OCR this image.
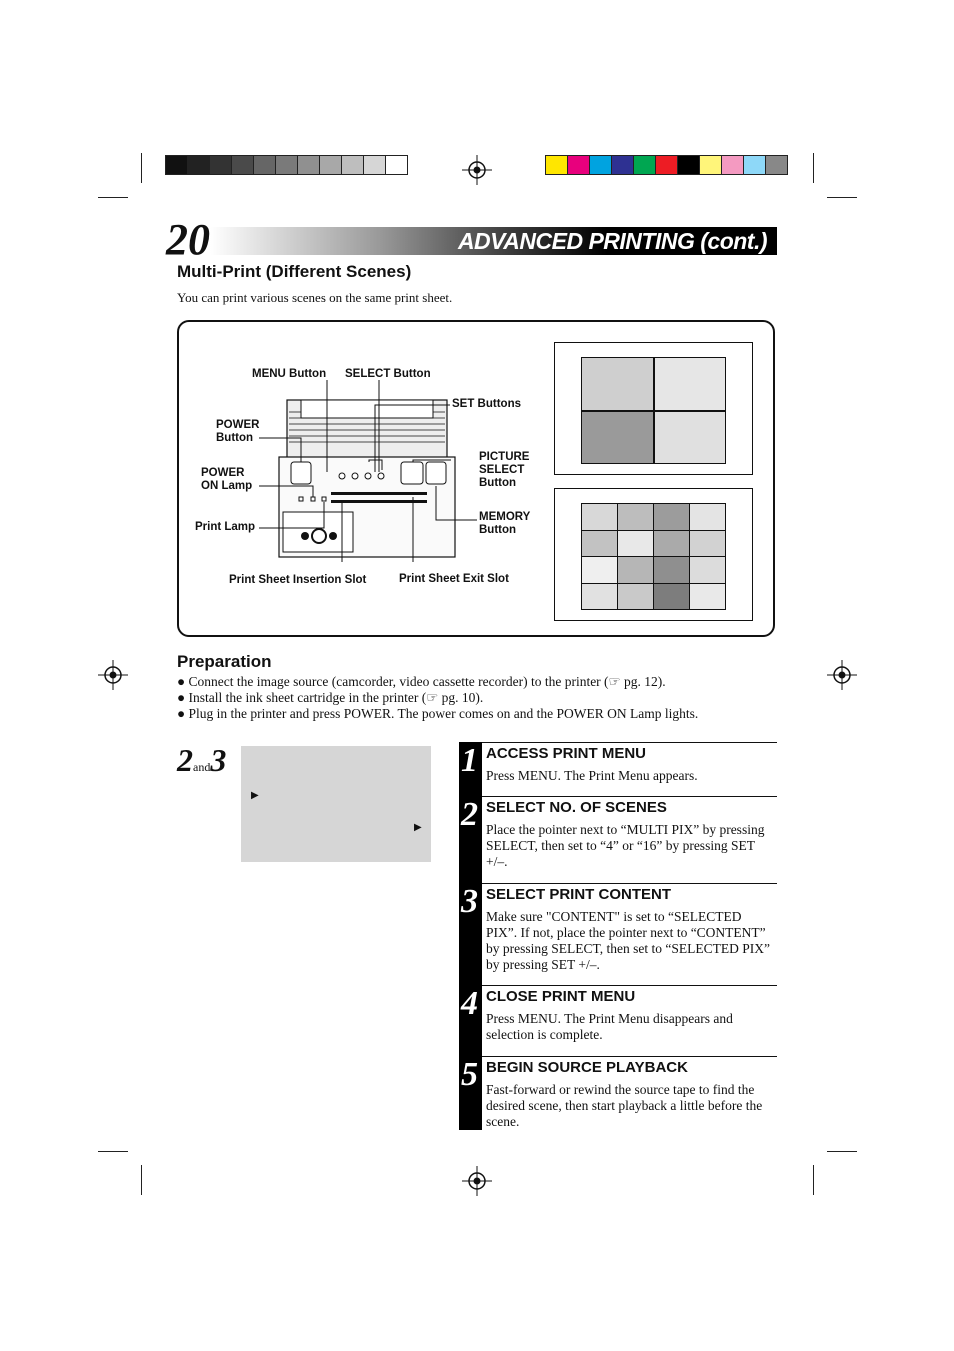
20	ADVANCED PRINTING (cont.)
Multi-Print (Different Scenes)
You can print various scenes on the same print sheet.
MENU Button SELECT Button
SET Buttons
POWER Button
PICTURE SELECT Button
POWER ON Lamp
MEMORY Button
Print Lamp
Print Sheet Insertion Slot	Print Sheet Exit Slot
Preparation
● Connect the image source (camcorder, video cassette recorder) to the printer (☞ pg. 12).
● Install the ink sheet cartridge in the printer (☞ pg. 10).
● Plug in the printer and press POWER. The power comes on and the POWER ON Lamp lights.
2and3
▶
▶
1 ACCESS PRINT MENU
Press MENU. The Print Menu appears.
2 SELECT NO. OF SCENES
Place the pointer next to “MULTI PIX” by pressing SELECT, then set to “4” or “16” by pressing SET +/–.
3 SELECT PRINT CONTENT
Make sure "CONTENT" is set to “SELECTED PIX”. If not, place the pointer next to “CONTENT” by pressing SELECT, then set to “SELECTED PIX” by pressing SET +/–.
4 CLOSE PRINT MENU
Press MENU. The Print Menu disappears and selection is complete.
5 BEGIN SOURCE PLAYBACK
Fast-forward or rewind the source tape to find the desired scene, then start playback a little before the scene.
